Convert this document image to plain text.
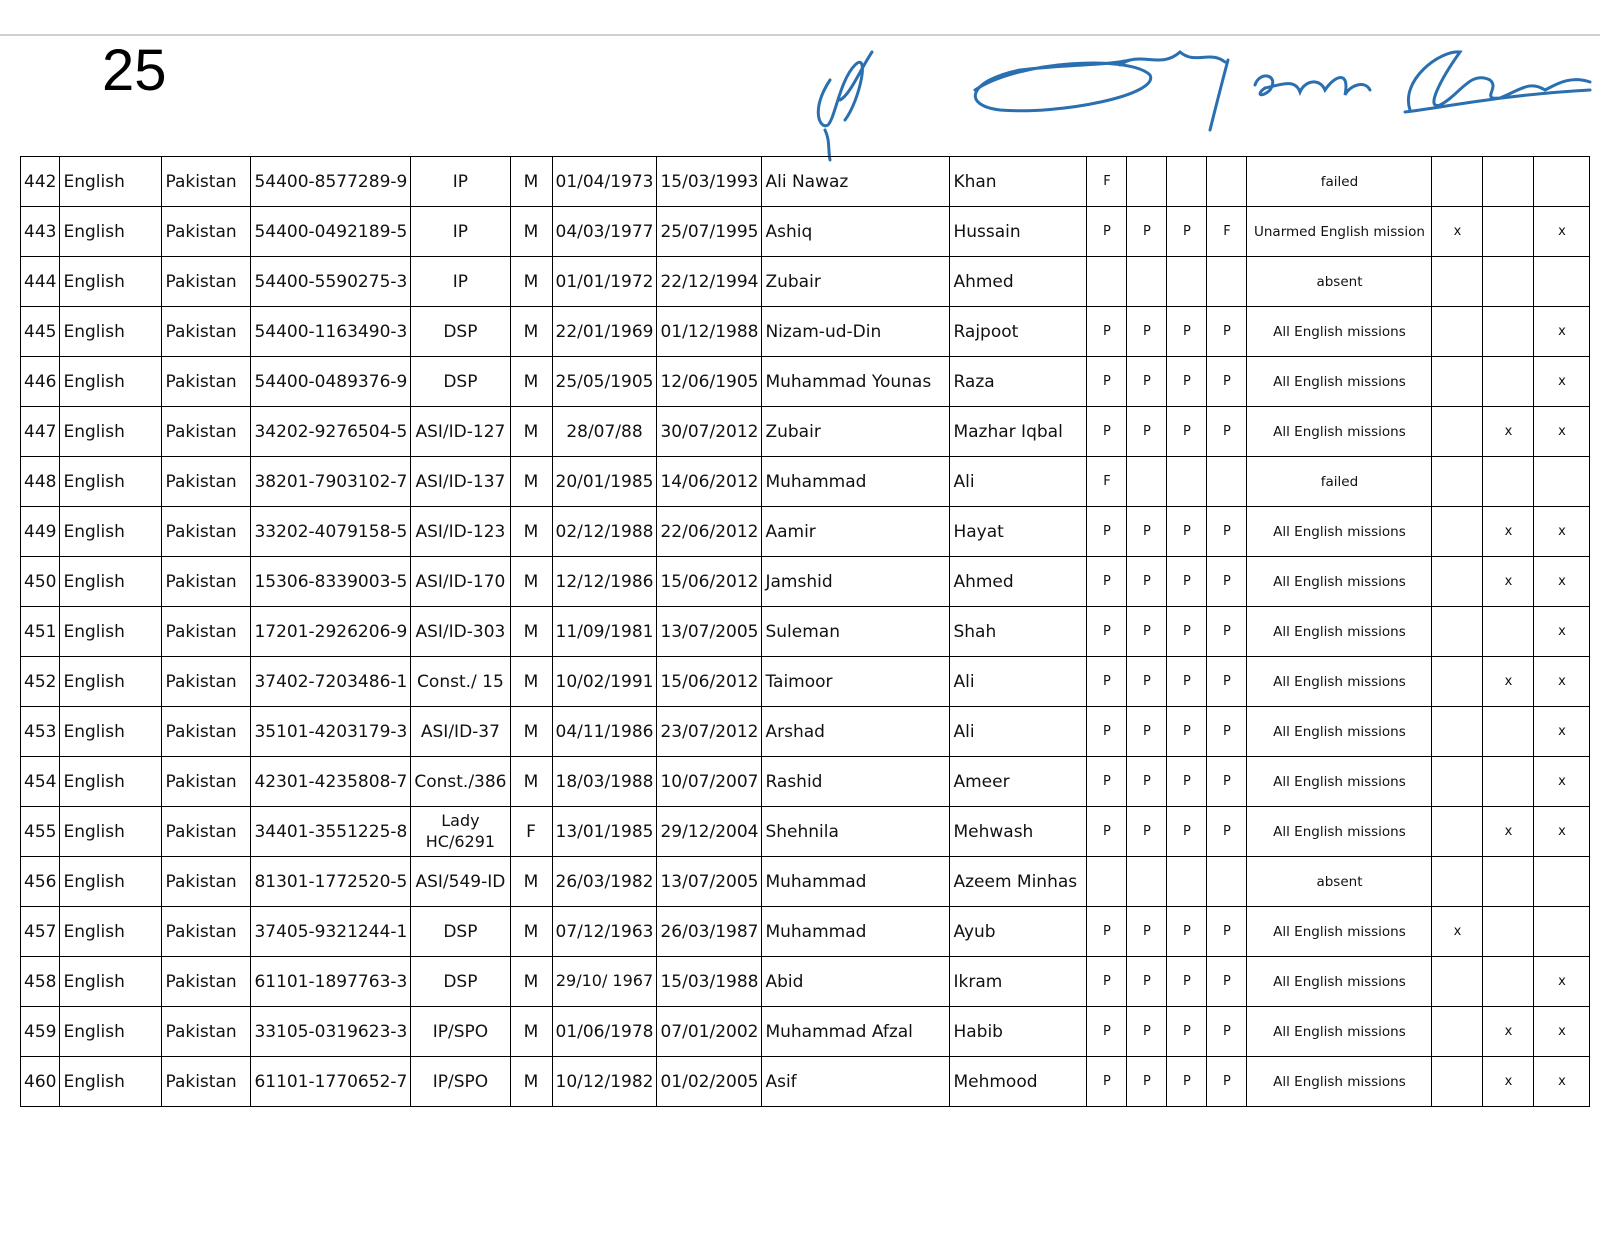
25
442	English	Pakistan	54400-8577289-9	IP	M	01/04/1973	15/03/1993	Ali Nawaz	Khan	F				failed			
443	English	Pakistan	54400-0492189-5	IP	M	04/03/1977	25/07/1995	Ashiq	Hussain	P	P	P	F	Unarmed English mission	x		x
444	English	Pakistan	54400-5590275-3	IP	M	01/01/1972	22/12/1994	Zubair	Ahmed					absent			
445	English	Pakistan	54400-1163490-3	DSP	M	22/01/1969	01/12/1988	Nizam-ud-Din	Rajpoot	P	P	P	P	All English missions			x
446	English	Pakistan	54400-0489376-9	DSP	M	25/05/1905	12/06/1905	Muhammad Younas	Raza	P	P	P	P	All English missions			x
447	English	Pakistan	34202-9276504-5	ASI/ID-127	M	28/07/88	30/07/2012	Zubair	Mazhar Iqbal	P	P	P	P	All English missions		x	x
448	English	Pakistan	38201-7903102-7	ASI/ID-137	M	20/01/1985	14/06/2012	Muhammad	Ali	F				failed			
449	English	Pakistan	33202-4079158-5	ASI/ID-123	M	02/12/1988	22/06/2012	Aamir	Hayat	P	P	P	P	All English missions		x	x
450	English	Pakistan	15306-8339003-5	ASI/ID-170	M	12/12/1986	15/06/2012	Jamshid	Ahmed	P	P	P	P	All English missions		x	x
451	English	Pakistan	17201-2926206-9	ASI/ID-303	M	11/09/1981	13/07/2005	Suleman	Shah	P	P	P	P	All English missions			x
452	English	Pakistan	37402-7203486-1	Const./ 15	M	10/02/1991	15/06/2012	Taimoor	Ali	P	P	P	P	All English missions		x	x
453	English	Pakistan	35101-4203179-3	ASI/ID-37	M	04/11/1986	23/07/2012	Arshad	Ali	P	P	P	P	All English missions			x
454	English	Pakistan	42301-4235808-7	Const./386	M	18/03/1988	10/07/2007	Rashid	Ameer	P	P	P	P	All English missions			x
455	English	Pakistan	34401-3551225-8	Lady HC/6291	F	13/01/1985	29/12/2004	Shehnila	Mehwash	P	P	P	P	All English missions		x	x
456	English	Pakistan	81301-1772520-5	ASI/549-ID	M	26/03/1982	13/07/2005	Muhammad	Azeem Minhas					absent			
457	English	Pakistan	37405-9321244-1	DSP	M	07/12/1963	26/03/1987	Muhammad	Ayub	P	P	P	P	All English missions	x		
458	English	Pakistan	61101-1897763-3	DSP	M	29/10/ 1967	15/03/1988	Abid	Ikram	P	P	P	P	All English missions			x
459	English	Pakistan	33105-0319623-3	IP/SPO	M	01/06/1978	07/01/2002	Muhammad Afzal	Habib	P	P	P	P	All English missions		x	x
460	English	Pakistan	61101-1770652-7	IP/SPO	M	10/12/1982	01/02/2005	Asif	Mehmood	P	P	P	P	All English missions		x	x
